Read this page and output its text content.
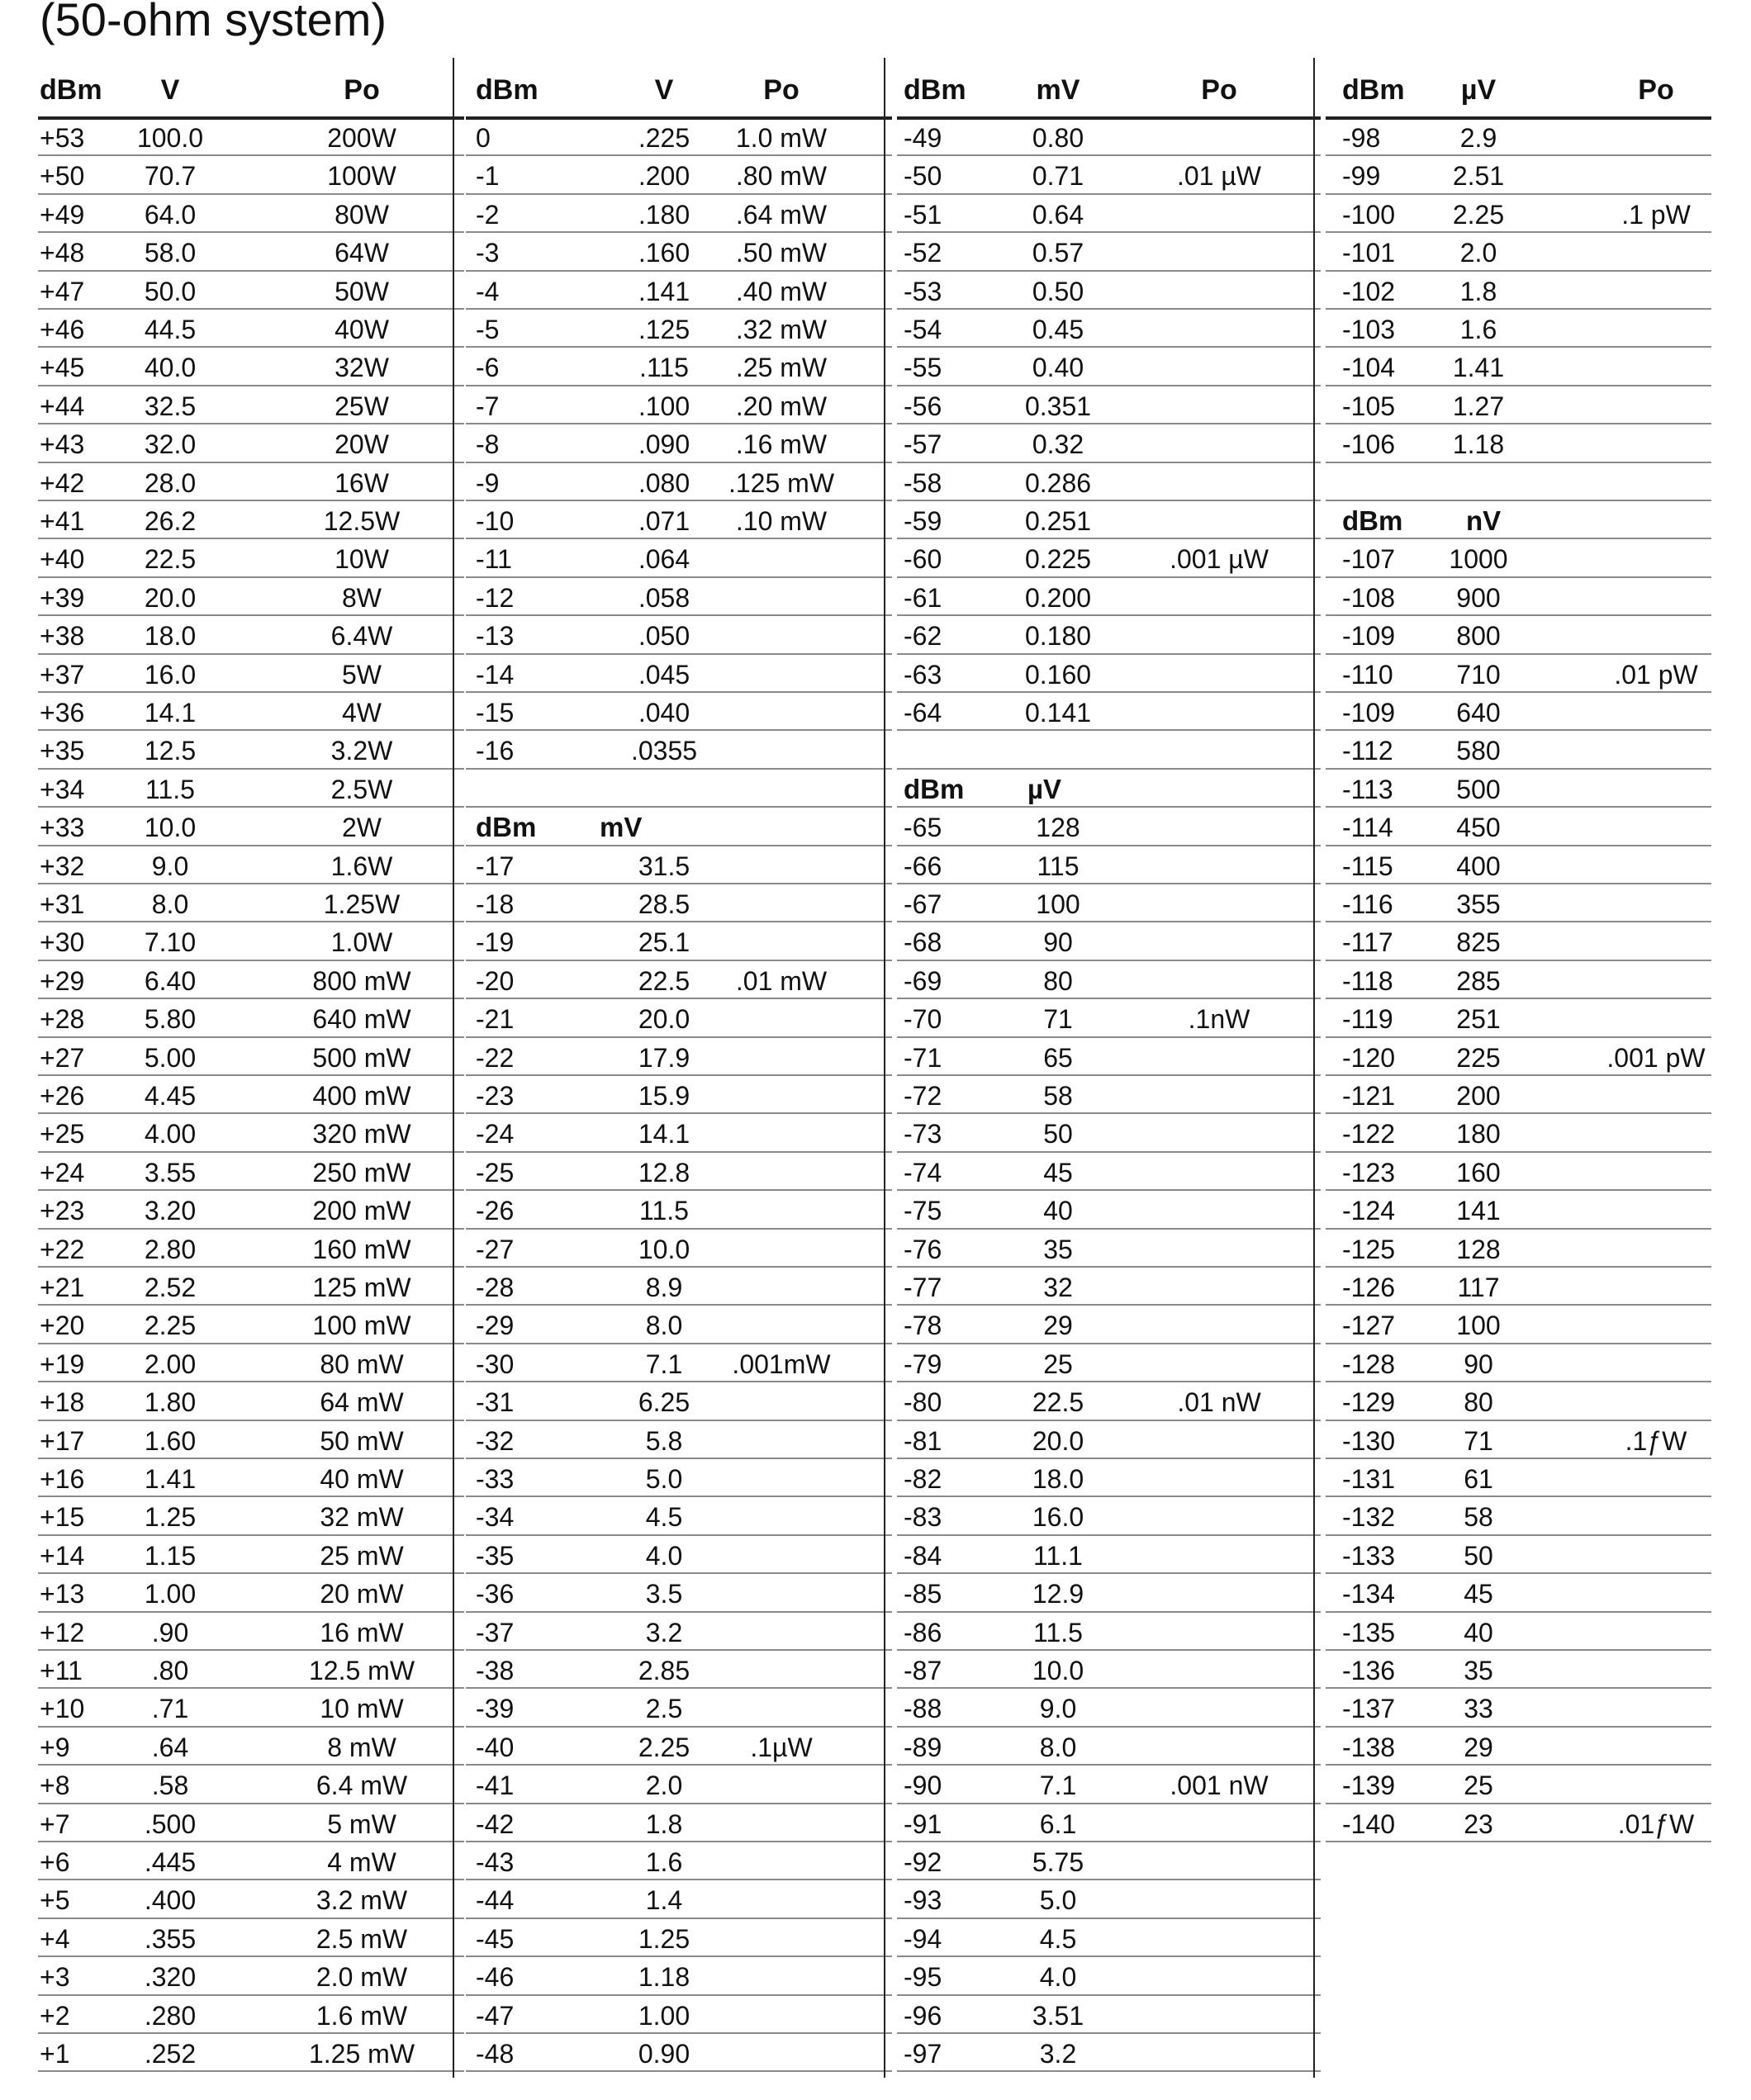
(50-ohm system)
dBm V	Po
+53 100.0	200W
+50 70.7	100W
+49 64.0	80W
+48 58.0	64W
+47 50.0	50W
+46 44.5	40W
+45 40.0	32W
+44 32.5	25W
+43 32.0	20W
+42 28.0	16W
+41 26.2	12.5W
+40 22.5	10W
+39 20.0	8W
+38 18.0	6.4W
+37 16.0	5W
+36 14.1	4W
+35 12.5	3.2W
+34 11.5	2.5W
+33 10.0	2W
+32	9.0	1.6W
+31	8.0	1.25W
+30 7.10	1.0W
+29 6.40	800 mW
+28 5.80	640 mW
+27 5.00	500 mW
+26 4.45	400 mW
+25 4.00	320 mW
+24 3.55	250 mW
+23 3.20	200 mW
+22 2.80	160 mW
+21 2.52	125 mW
+20 2.25	100 mW
+19 2.00	80 mW
+18 1.80	64 mW
+17 1.60	50 mW
+16 1.41	40 mW
+15 1.25	32 mW
+14 1.15	25 mW
+13 1.00	20 mW
+12	.90	16 mW
+11	.80	12.5 mW
+10	.71	10 mW
+9	.64	8 mW
+8	.58	6.4 mW
+7	.500	5 mW
+6	.445	4 mW
+5	.400	3.2 mW
+4	.355	2.5 mW
+3	.320	2.0 mW
+2	.280	1.6 mW
+1	.252	1.25 mW
dBm	V	Po
0	.225 1.0 mW
-1	.200 .80 mW
-2	.180 .64 mW
-3	.160 .50 mW
-4	.141 .40 mW
-5	.125 .32 mW
-6	.115 .25 mW
-7	.100 .20 mW
-8	.090 .16 mW
-9	.080 .125 mW
-10	.071 .10 mW
-11	.064
-12	.058
-13	.050
-14	.045
-15	.040
-16	.0355
dBm mV
-17	31.5
-18	28.5
-19	25.1
-20	22.5 .01 mW
-21	20.0
-22	17.9
-23	15.9
-24	14.1
-25	12.8
-26	11.5
-27	10.0
-28	8.9
-29	8.0
-30	7.1 .001mW
-31	6.25
-32	5.8
-33	5.0
-34	4.5
-35	4.0
-36	3.5
-37	3.2
-38	2.85
-39	2.5
-40	2.25 .1µW
-41	2.0
-42	1.8
-43	1.6
-44	1.4
-45	1.25
-46	1.18
-47	1.00
-48	0.90
dBm mV	Po
-49	0.80
-50	0.71	.01 µW
-51	0.64
-52	0.57
-53	0.50
-54	0.45
-55	0.40
-56	0.351
-57	0.32
-58	0.286
-59	0.251
-60	0.225	.001 µW
-61	0.200
-62	0.180
-63	0.160
-64	0.141
dBm µV
-65	128
-66	115
-67	100
-68	90
-69	80
-70	71	.1nW
-71	65
-72	58
-73	50
-74	45
-75	40
-76	35
-77	32
-78	29
-79	25
-80	22.5	.01 nW
-81	20.0
-82	18.0
-83	16.0
-84	11.1
-85	12.9
-86	11.5
-87	10.0
-88	9.0
-89	8.0
-90	7.1	.001 nW
-91	6.1
-92	5.75
-93	5.0
-94	4.5
-95	4.0
-96	3.51
-97	3.2
dBm µV	Po
-98	2.9
-99	2.51
-100 2.25	.1 pW
-101 2.0
-102 1.8
-103 1.6
-104 1.41
-105 1.27
-106 1.18
dBm nV
-107 1000
-108 900
-109 800
-110 710	.01 pW
-109 640
-112 580
-113 500
-114 450
-115 400
-116 355
-117 825
-118 285
-119 251
-120 225	.001 pW
-121 200
-122 180
-123 160
-124 141
-125 128
-126 117
-127 100
-128	90
-129	80
-130	71	.1ƒW
-131	61
-132	58
-133	50
-134	45
-135	40
-136	35
-137	33
-138	29
-139	25
-140	23	.01ƒW
